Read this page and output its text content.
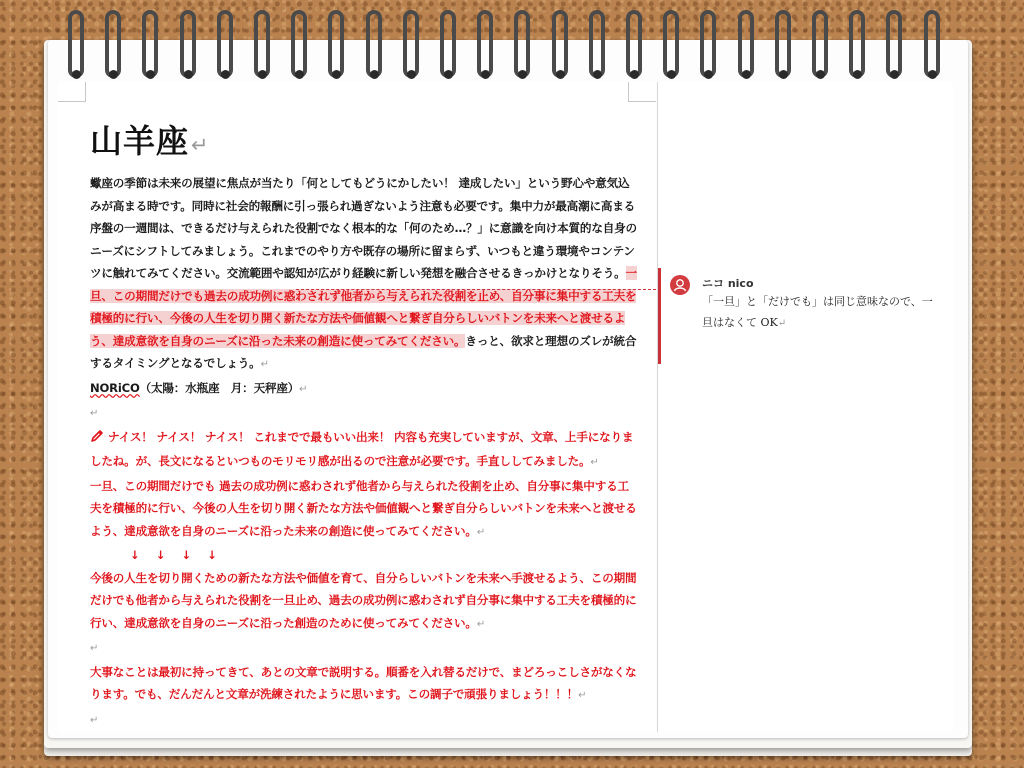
山羊座↵

蠍座の季節は未来の展望に焦点が当たり「何としてもどうにかしたい！ 達成したい」という野心や意気込みが高まる時です。同時に社会的報酬に引っ張られ過ぎないよう注意も必要です。集中力が最高潮に高まる序盤の一週間は、できるだけ与えられた役割でなく根本的な「何のため…？」に意識を向け本質的な自身のニーズにシフトしてみましょう。これまでのやり方や既存の場所に留まらず、いつもと違う環境やコンテンツに触れてみてください。交流範囲や認知が広がり経験に新しい発想を融合させるきっかけとなりそう。一旦、この期間だけでも過去の成功例に惑わされず他者から与えられた役割を止め、自分事に集中する工夫を積極的に行い、今後の人生を切り開く新たな方法や価値観へと繋ぎ自分らしいバトンを未来へと渡せるよう、達成意欲を自身のニーズに沿った未来の創造に使ってみてください。きっと、欲求と理想のズレが統合するタイミングとなるでしょう。↵

NORiCO（太陽：水瓶座　月：天秤座）↵

↵

ナイス！ ナイス！ ナイス！ これまでで最もいい出来！ 内容も充実していますが、文章、上手になりましたね。が、長文になるといつものモリモリ感が出るので注意が必要です。手直ししてみました。↵

一旦、この期間だけでも 過去の成功例に惑わされず他者から与えられた役割を止め、自分事に集中する工夫を積極的に行い、今後の人生を切り開く新たな方法や価値観へと繋ぎ自分らしいバトンを未来へと渡せるよう、達成意欲を自身のニーズに沿った未来の創造に使ってみてください。↵

↓ ↓ ↓ ↓

今後の人生を切り開くための新たな方法や価値を育て、自分らしいバトンを未来へ手渡せるよう、この期間だけでも他者から与えられた役割を一旦止め、過去の成功例に惑わされず自分事に集中する工夫を積極的に行い、達成意欲を自身のニーズに沿った創造のために使ってみてください。↵

↵

大事なことは最初に持ってきて、あとの文章で説明する。順番を入れ替るだけで、まどろっこしさがなくなります。でも、だんだんと文章が洗練されたように思います。この調子で頑張りましょう！！！↵

↵

ニコ nico
「一旦」と「だけでも」は同じ意味なので、一旦はなくて OK↵
